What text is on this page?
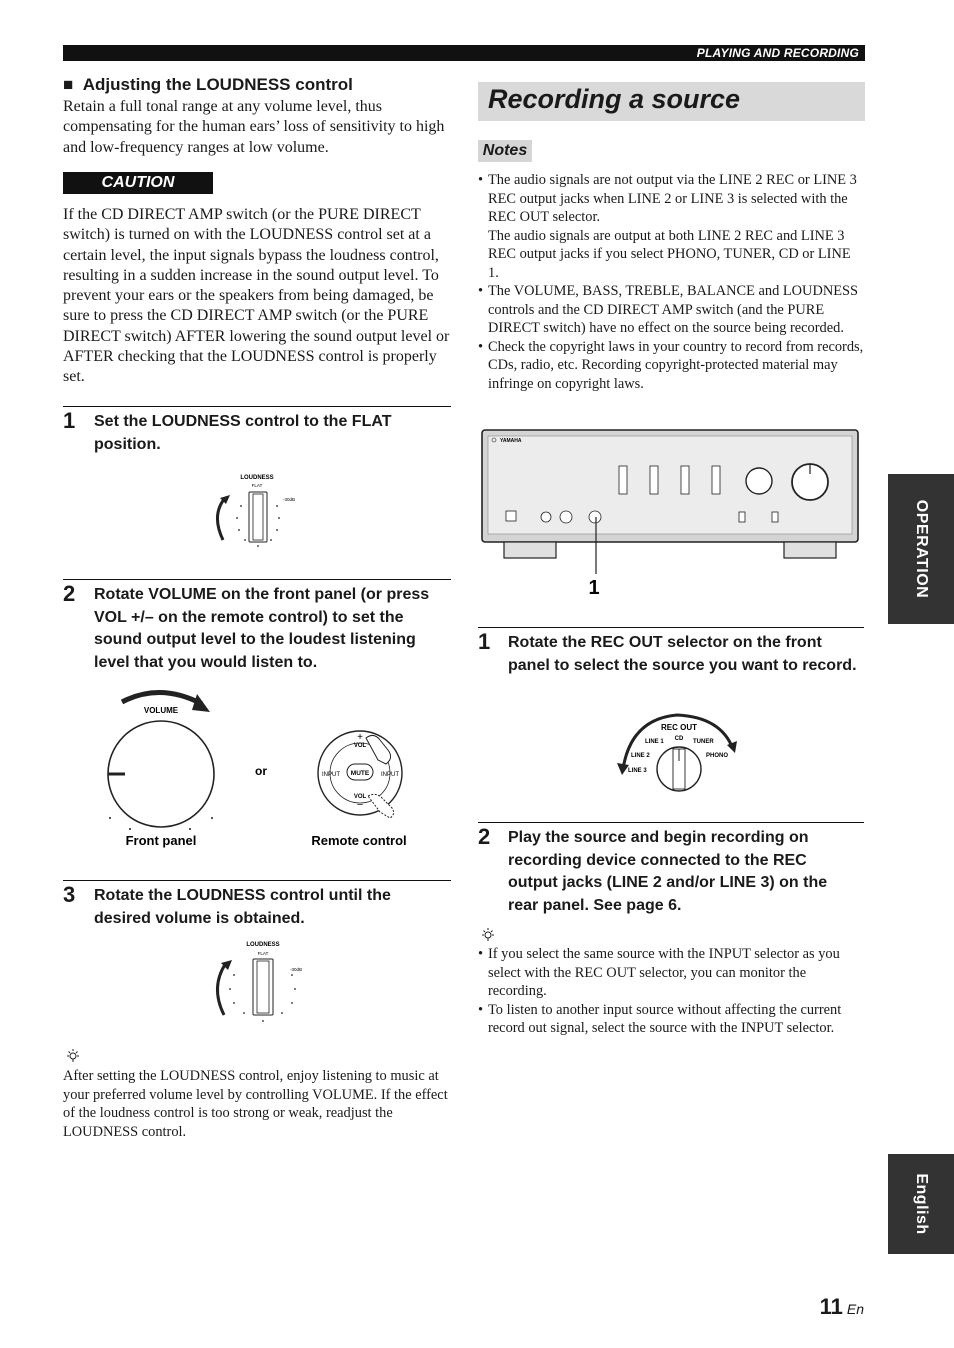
PLAYING AND RECORDING
■ Adjusting the LOUDNESS control
Retain a full tonal range at any volume level, thus compensating for the human ears’ loss of sensitivity to high and low-frequency ranges at low volume.
CAUTION
If the CD DIRECT AMP switch (or the PURE DIRECT switch) is turned on with the LOUDNESS control set at a certain level, the input signals bypass the loudness control, resulting in a sudden increase in the sound output level. To prevent your ears or the speakers from being damaged, be sure to press the CD DIRECT AMP switch (or the PURE DIRECT switch) AFTER lowering the sound output level or AFTER checking that the LOUDNESS control is properly set.
1 Set the LOUDNESS control to the FLAT position.
LOUDNESS
FLAT
-30dB
2 Rotate VOLUME on the front panel (or press VOL +/– on the remote control) to set the sound output level to the loudest listening level that you would listen to.
VOLUME
or
Front panel
MUTE
VOL
VOL
INPUT	INPUT
+
–
Remote control
3 Rotate the LOUDNESS control until the desired volume is obtained.
LOUDNESS
FLAT
-30dB
After setting the LOUDNESS control, enjoy listening to music at your preferred volume level by controlling VOLUME. If the effect of the loudness control is too strong or weak, readjust the LOUDNESS control.
Recording a source
Notes
• The audio signals are not output via the LINE 2 REC or LINE 3 REC output jacks when LINE 2 or LINE 3 is selected with the REC OUT selector.
The audio signals are output at both LINE 2 REC and LINE 3 REC output jacks if you select PHONO, TUNER, CD or LINE 1.
• The VOLUME, BASS, TREBLE, BALANCE and LOUDNESS controls and the CD DIRECT AMP switch (and the PURE DIRECT switch) have no effect on the source being recorded.
• Check the copyright laws in your country to record from records, CDs, radio, etc. Recording copyright-protected material may infringe on copyright laws.
YAMAHA
1
1 Rotate the REC OUT selector on the front panel to select the source you want to record.
REC OUT
CD
LINE 1	TUNER
LINE 2	PHONO
LINE 3
2 Play the source and begin recording on recording device connected to the REC output jacks (LINE 2 and/or LINE 3) on the rear panel. See page 6.
• If you select the same source with the INPUT selector as you select with the REC OUT selector, you can monitor the recording.
• To listen to another input source without affecting the current record out signal, select the source with the INPUT selector.
OPERATION
English
11 En
